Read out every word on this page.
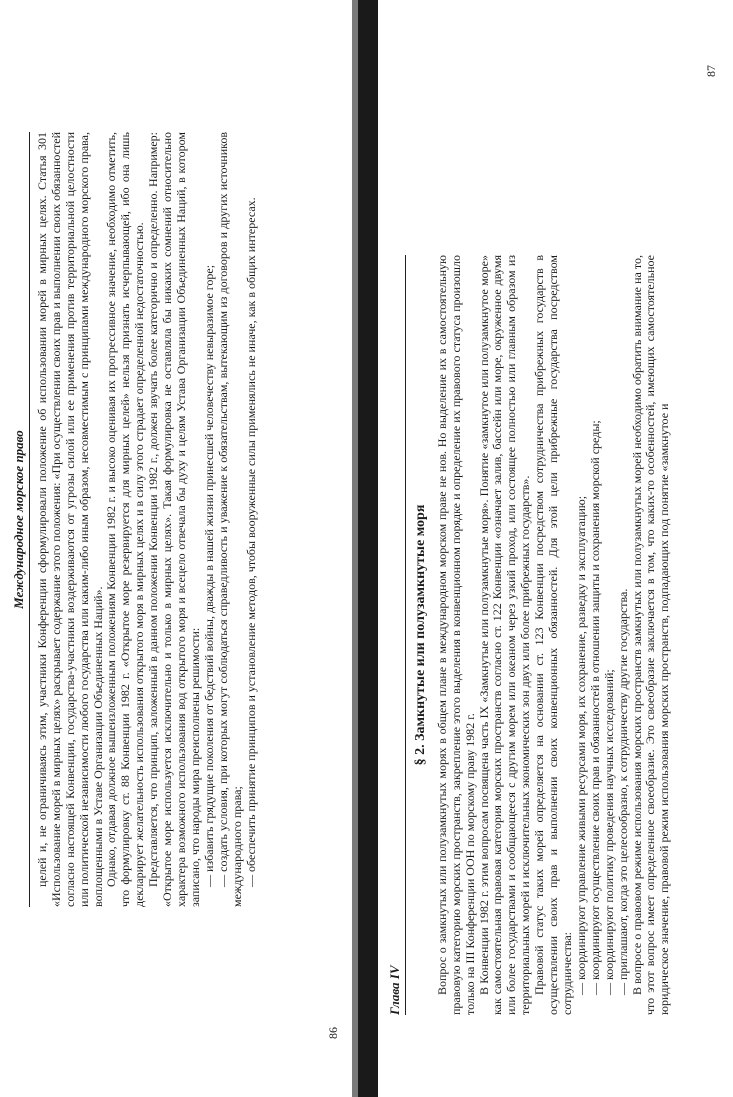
Международное морское право целей и, не ограничиваясь этим, участники Конференции сформулировали положение об использовании морей в мирных целях. Статья 301 «Использование морей в мирных целях» раскрывает содержание этого положения: «При осуществлении своих прав и выполнении своих обязанностей согласно настоящей Конвенции, государства-участники воздерживаются от угрозы силой или ее применения против территориальной целостности или политической независимости любого государства или каким-либо иным образом, несовместимым с принципами международного морского права, воплощенными в Уставе Организации Объединенных Наций». Однако, отдавая должное вышеизложенным положениям Конвенции 1982 г. и высоко оценивая их прогрессивное значение, необходимо отметить, что формулировку ст. 88 Конвенции 1982 г. «Открытое море резервируется для мирных целей» нельзя признать исчерпывающей, ибо она лишь декларирует желательность использования открытого моря в мирных целях и в силу этого страдает определенной недостаточностью. Представляется, что принцип, заложенный в данном положении Конвенции 1982 г., должен звучать более категорично и определенно. Например: «Открытое море используется исключительно и только в мирных целях». Такая формулировка не оставляла бы никаких сомнений относительно характера возможного использования вод открытого моря и всецело отвечала бы духу и целям Устава Организации Объединенных Наций, в котором записано, что народы мира преисполнены решимости: — избавить грядущие поколения от бедствий войны, дважды в нашей жизни принесшей человечеству невыразимое горе; — создать условия, при которых могут соблюдаться справедливость и уважение к обязательствам, вытекающим из договоров и других источников международного права; — обеспечить принятие принципов и установление методов, чтобы вооруженные силы применялись не иначе, как в общих интересах.

86
Глава IV
§ 2. Замкнутые или полузамкнутые моря Вопрос о замкнутых или полузамкнутых морях в общем плане в международном морском праве не нов. Но выделение их в самостоятельную правовую категорию морских пространств, закрепление этого выделения в конвенционном порядке и определение их правового статуса произошло только на III Конференции ООН по морскому праву 1982 г. В Конвенции 1982 г. этим вопросам посвящена часть IX «Замкнутые или полузамкнутые моря». Понятие «замкнутое или полузамкнутое море» как самостоятельная правовая категория морских пространств согласно ст. 122 Конвенции «означает залив, бассейн или море, окруженное двумя или более государствами и сообщающееся с другим морем или океаном через узкий проход, или состоящее полностью или главным образом из территориальных морей и исключительных экономических зон двух или более прибрежных государств». Правовой статус таких морей определяется на основании ст. 123 Конвенции посредством сотрудничества прибрежных государств в осуществлении своих прав и выполнении своих конвенционных обязанностей. Для этой цели прибрежные государства посредством сотрудничества: — координируют управление живыми ресурсами моря, их сохранение, разведку и эксплуатацию; — координируют осуществление своих прав и обязанностей в отношении защиты и сохранения морской среды; — координируют политику проведения научных исследований; — приглашают, когда это целесообразно, к сотрудничеству другие государства. В вопросе о правовом режиме использования морских пространств замкнутых или полузамкнутых морей необходимо обратить внимание на то, что этот вопрос имеет определенное своеобразие. Это своеобразие заключается в том, что каких-то особенностей, имеющих самостоятельное юридическое значение, правовой режим использования морских пространств, подпадающих под понятие «замкнутое и

87
